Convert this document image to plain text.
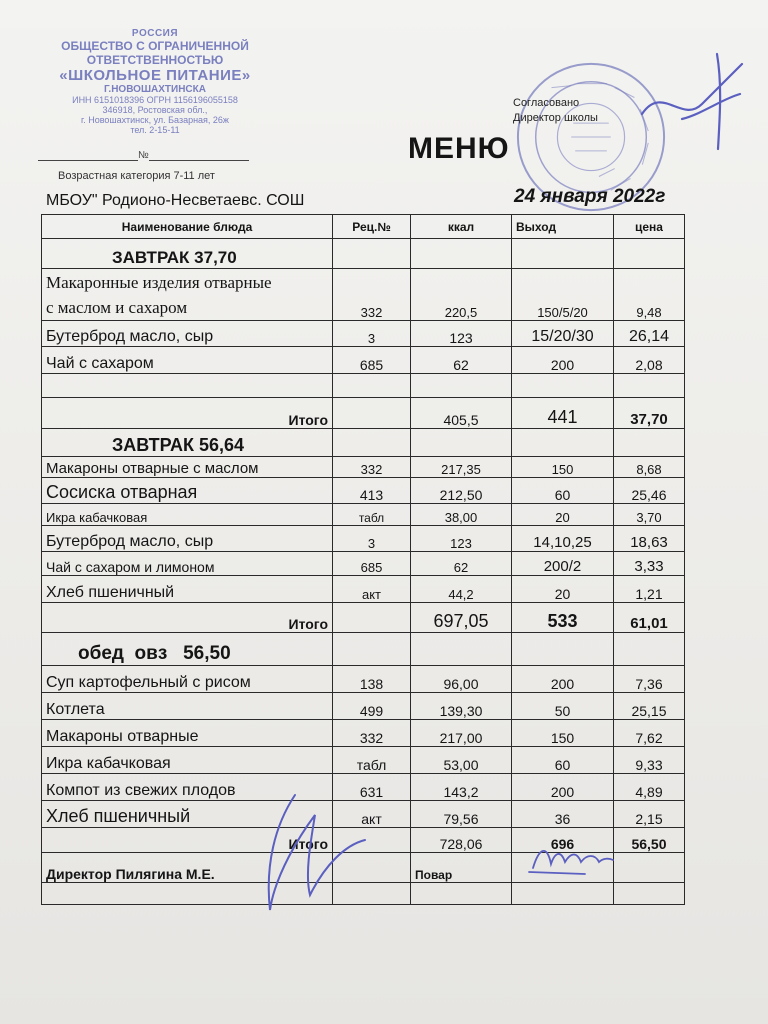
РОССИЯ
ОБЩЕСТВО С ОГРАНИЧЕННОЙ
ОТВЕТСТВЕННОСТЬЮ
«ШКОЛЬНОЕ ПИТАНИЕ»
Г.НОВОШАХТИНСКА
ИНН 6151018396 ОГРН 1156196055158
346918, Ростовская обл.,
г. Новошахтинск, ул. Базарная, 26ж
тел. 2-15-11
№
Возрастная категория 7-11 лет
Согласовано
Директор школы
МЕНЮ
МБОУ" Родионо-Несветаевс. СОШ	24 января 2022г
Наименование блюда	Рец.№	ккал	Выход	цена
ЗАВТРАК 37,70				

Макаронные изделия отварные
с маслом и сахаром	332	220,5	150/5/20	9,48
Бутерброд масло, сыр	3	123	15/20/30	26,14
Чай с сахаром	685	62	200	2,08

Итого		405,5	441	37,70
ЗАВТРАК 56,64				
Макароны отварные с маслом	332	217,35	150	8,68
Сосиска отварная	413	212,50	60	25,46
Икра кабачковая	табл	38,00	20	3,70
Бутерброд масло, сыр	3	123	14,10,25	18,63
Чай с сахаром и лимоном	685	62	200/2	3,33
Хлеб пшеничный	акт	44,2	20	1,21
Итого		697,05	533	61,01
обед  овз   56,50				
Суп картофельный с рисом	138	96,00	200	7,36
Котлета	499	139,30	50	25,15
Макароны отварные	332	217,00	150	7,62
Икра кабачковая	табл	53,00	60	9,33
Компот из свежих плодов	631	143,2	200	4,89
Хлеб пшеничный	акт	79,56	36	2,15
Итого		728,06	696	56,50
Директор Пилягина М.Е.		Повар		
